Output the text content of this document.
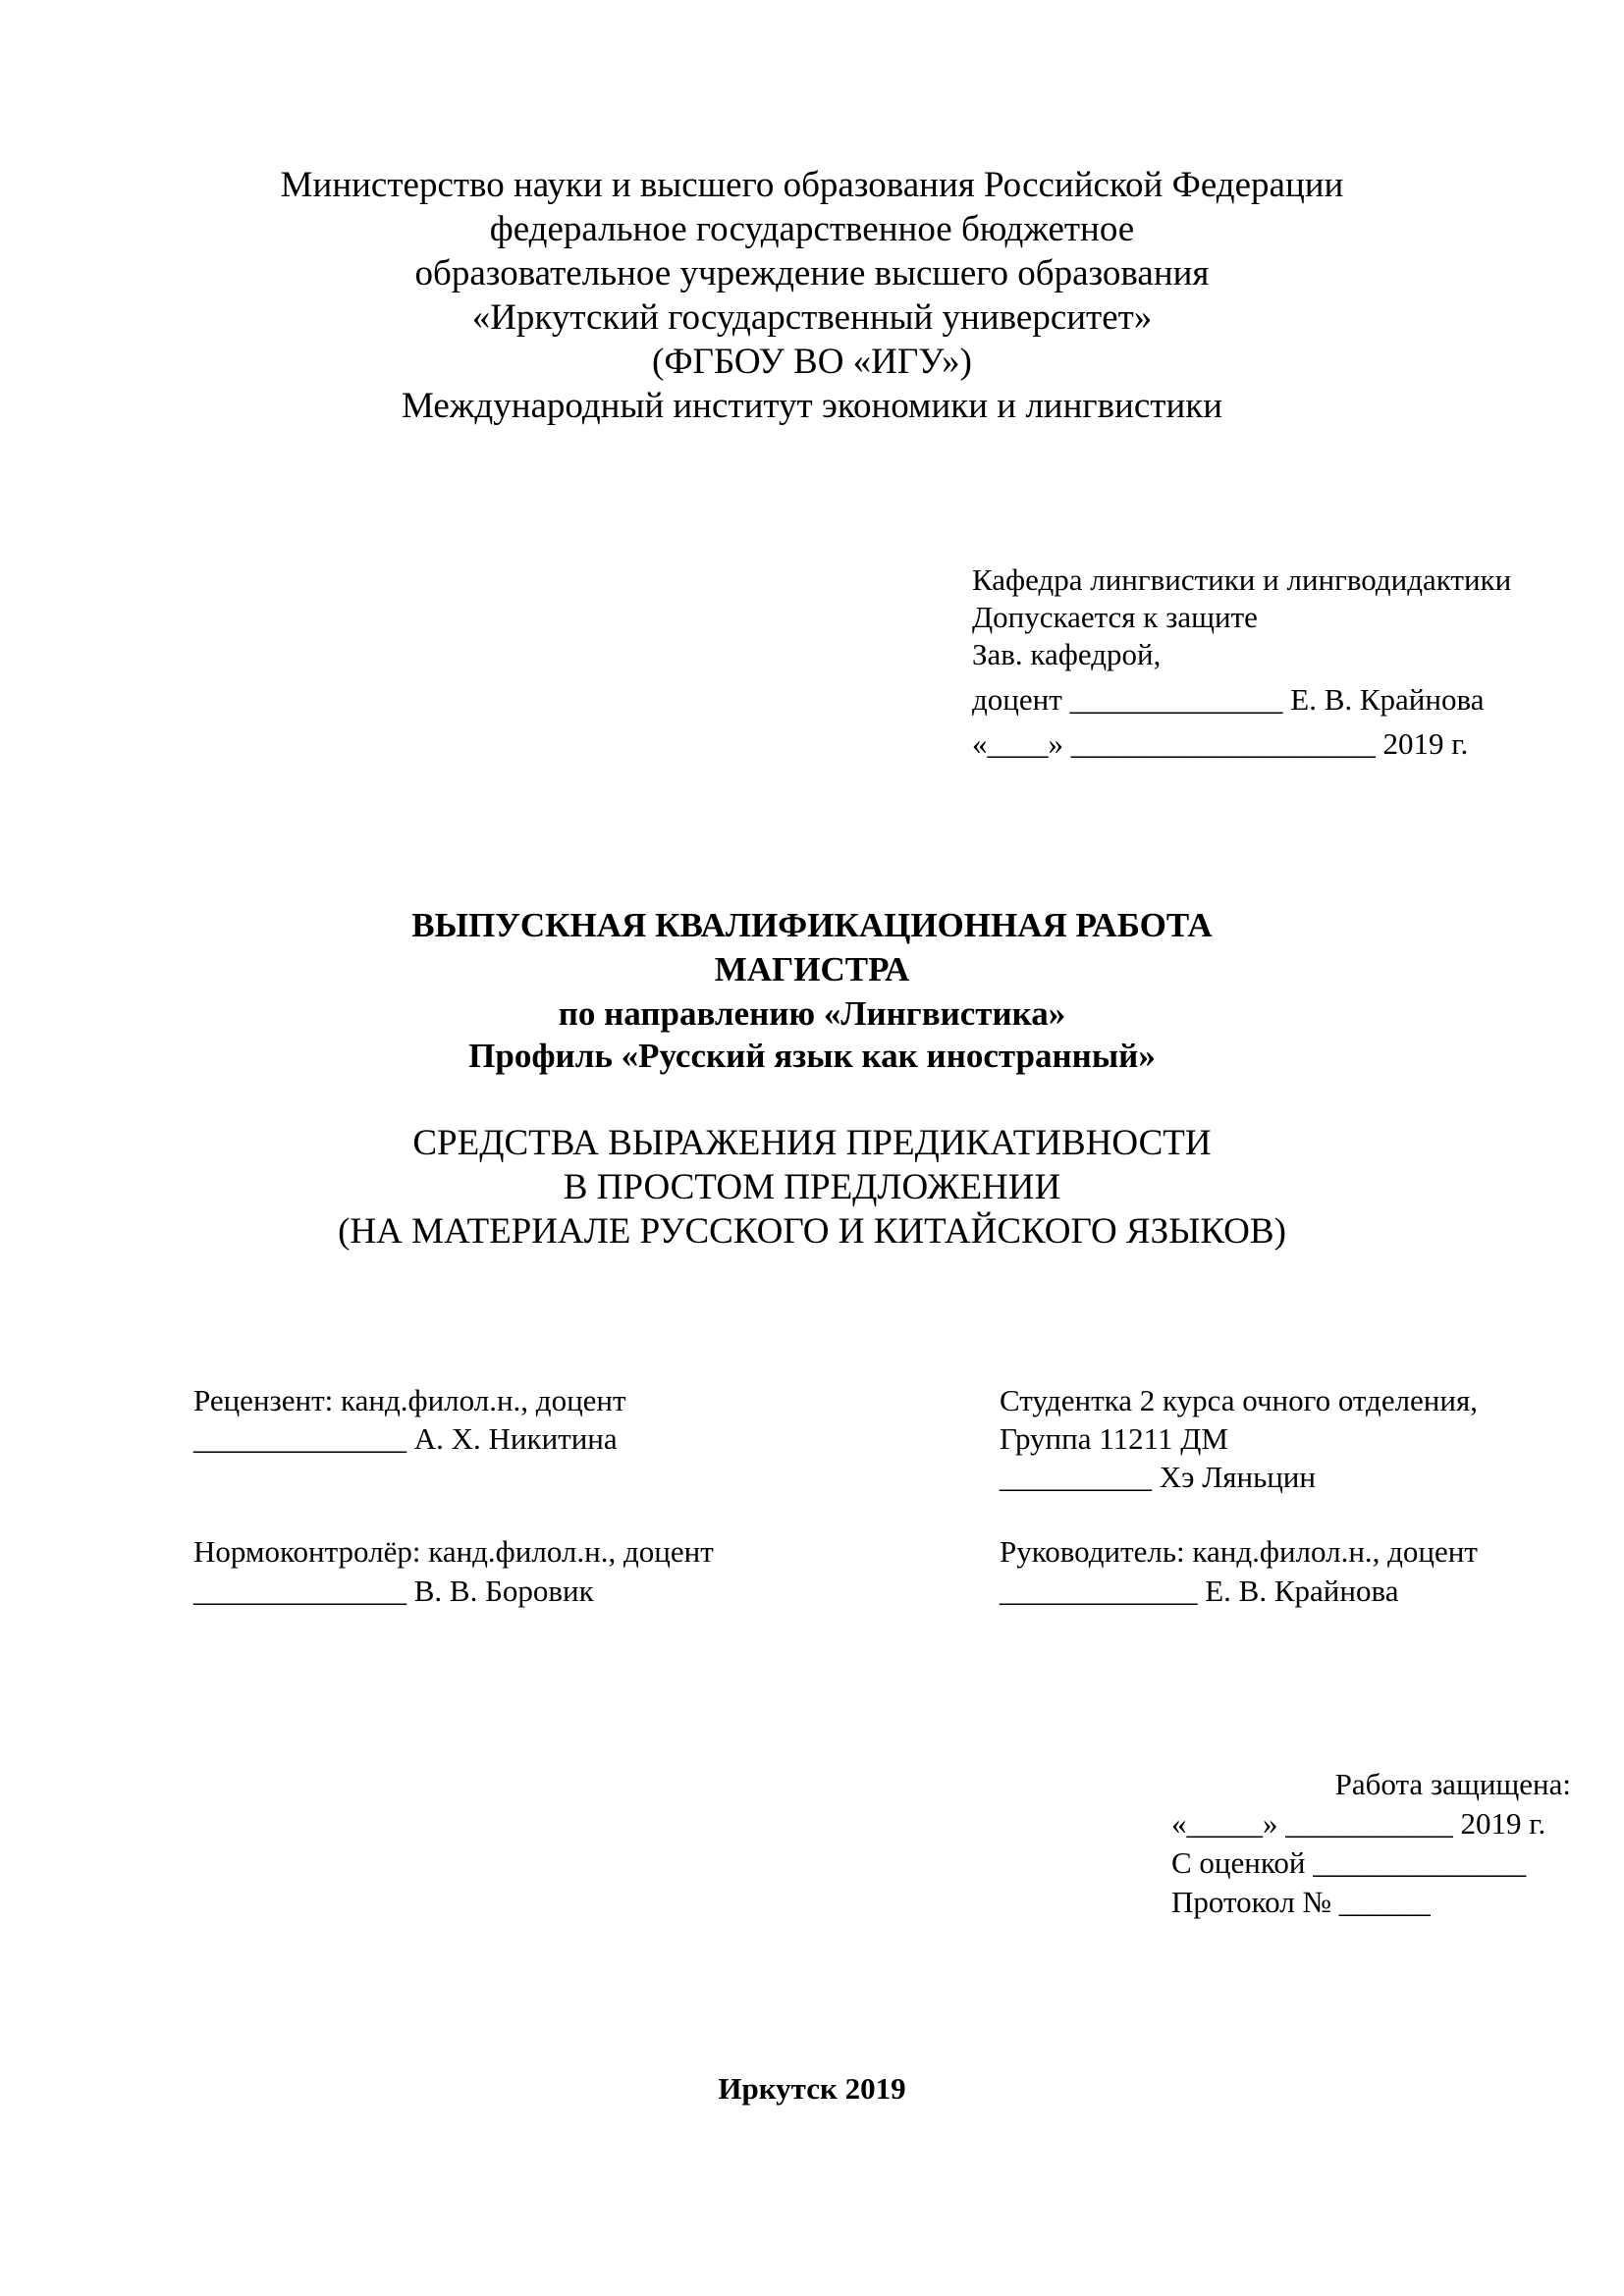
Министерство науки и высшего образования Российской Федерации
федеральное государственное бюджетное
образовательное учреждение высшего образования
«Иркутский государственный университет»
(ФГБОУ ВО «ИГУ»)
Международный институт экономики и лингвистики
Кафедра лингвистики и лингводидактики
Допускается к защите
Зав. кафедрой,
доцент ______________ Е. В. Крайнова
«____» ____________________ 2019 г.
ВЫПУСКНАЯ КВАЛИФИКАЦИОННАЯ РАБОТА
МАГИСТРА
по направлению «Лингвистика»
Профиль «Русский язык как иностранный»
СРЕДСТВА ВЫРАЖЕНИЯ ПРЕДИКАТИВНОСТИ
В ПРОСТОМ ПРЕДЛОЖЕНИИ
(НА МАТЕРИАЛЕ РУССКОГО И КИТАЙСКОГО ЯЗЫКОВ)
Рецензент: канд.филол.н., доцент
______________ А. Х. Никитина
Нормоконтролёр: канд.филол.н., доцент
______________ В. В. Боровик
Студентка 2 курса очного отделения,
Группа 11211 ДМ
__________ Хэ Ляньцин
Руководитель: канд.филол.н., доцент
_____________ Е. В. Крайнова
Работа защищена:
«_____» ___________ 2019 г.
С оценкой ______________
Протокол № ______
Иркутск 2019
